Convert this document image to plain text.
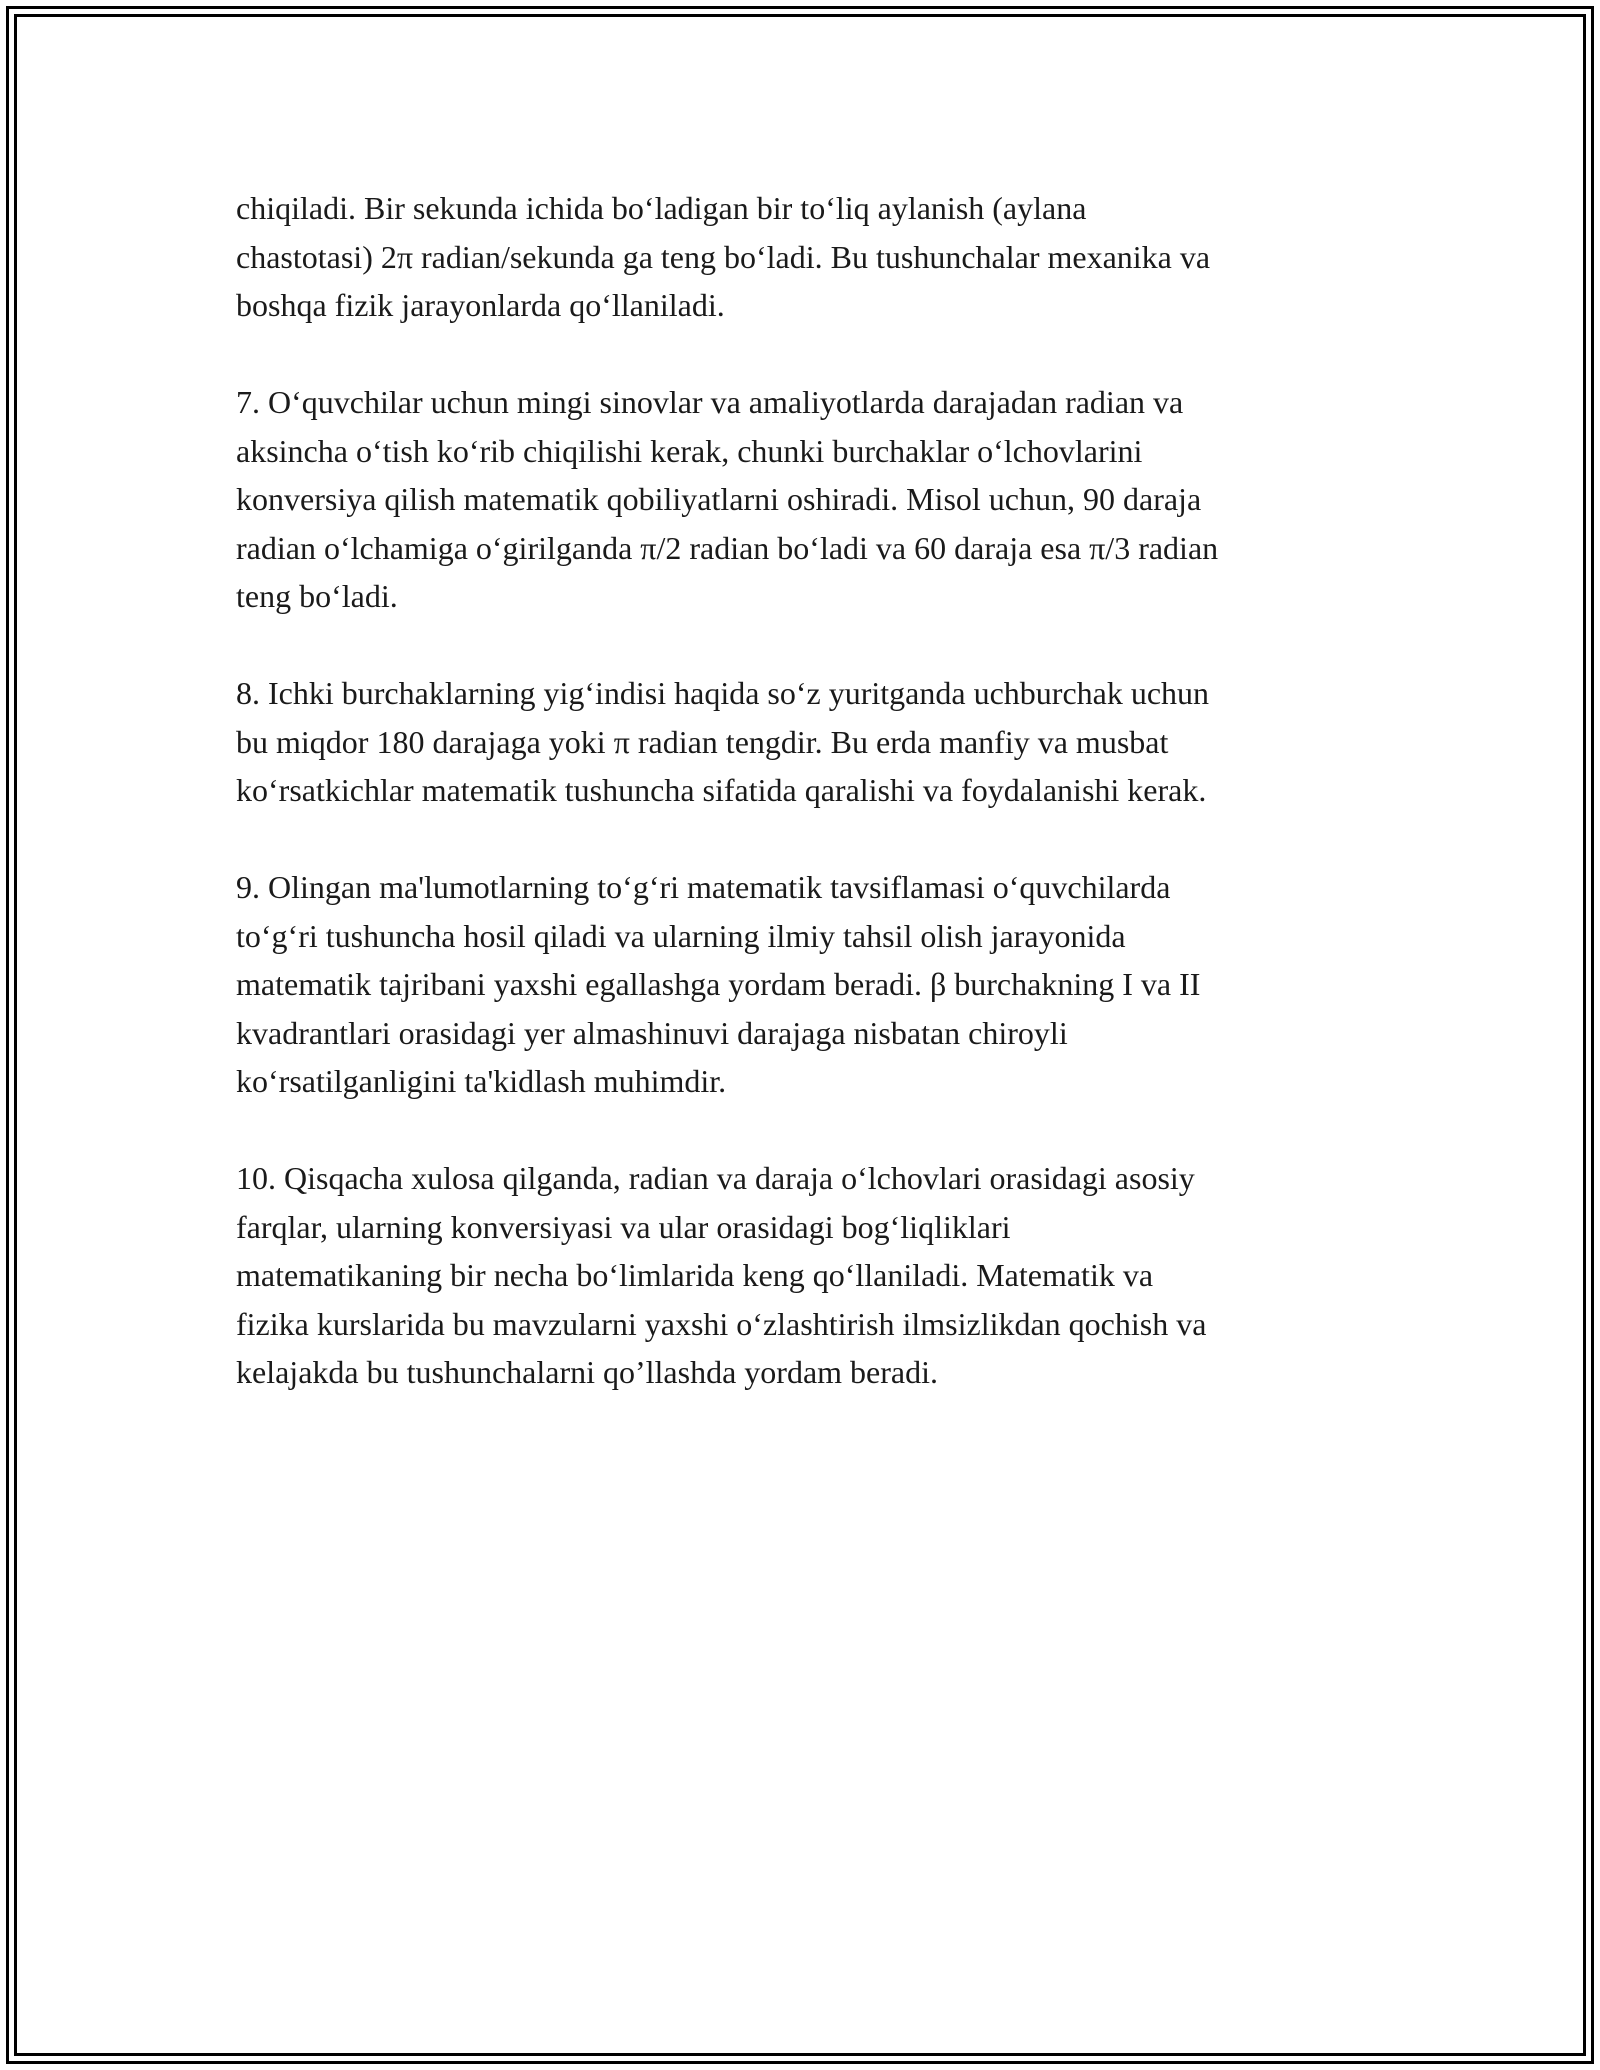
chiqiladi. Bir sekunda ichida bo‘ladigan bir to‘liq aylanish (aylana
chastotasi) 2π radian/sekunda ga teng bo‘ladi. Bu tushunchalar mexanika va
boshqa fizik jarayonlarda qo‘llaniladi.

7. O‘quvchilar uchun mingi sinovlar va amaliyotlarda darajadan radian va
aksincha o‘tish ko‘rib chiqilishi kerak, chunki burchaklar o‘lchovlarini
konversiya qilish matematik qobiliyatlarni oshiradi. Misol uchun, 90 daraja
radian o‘lchamiga o‘girilganda π/2 radian bo‘ladi va 60 daraja esa π/3 radian
teng bo‘ladi.

8. Ichki burchaklarning yig‘indisi haqida so‘z yuritganda uchburchak uchun
bu miqdor 180 darajaga yoki π radian tengdir. Bu erda manfiy va musbat
ko‘rsatkichlar matematik tushuncha sifatida qaralishi va foydalanishi kerak.

9. Olingan ma'lumotlarning to‘g‘ri matematik tavsiflamasi o‘quvchilarda
to‘g‘ri tushuncha hosil qiladi va ularning ilmiy tahsil olish jarayonida
matematik tajribani yaxshi egallashga yordam beradi. β burchakning I va II
kvadrantlari orasidagi yer almashinuvi darajaga nisbatan chiroyli
ko‘rsatilganligini ta'kidlash muhimdir.

10. Qisqacha xulosa qilganda, radian va daraja o‘lchovlari orasidagi asosiy
farqlar, ularning konversiyasi va ular orasidagi bog‘liqliklari
matematikaning bir necha bo‘limlarida keng qo‘llaniladi. Matematik va
fizika kurslarida bu mavzularni yaxshi o‘zlashtirish ilmsizlikdan qochish va
kelajakda bu tushunchalarni qo’llashda yordam beradi.
